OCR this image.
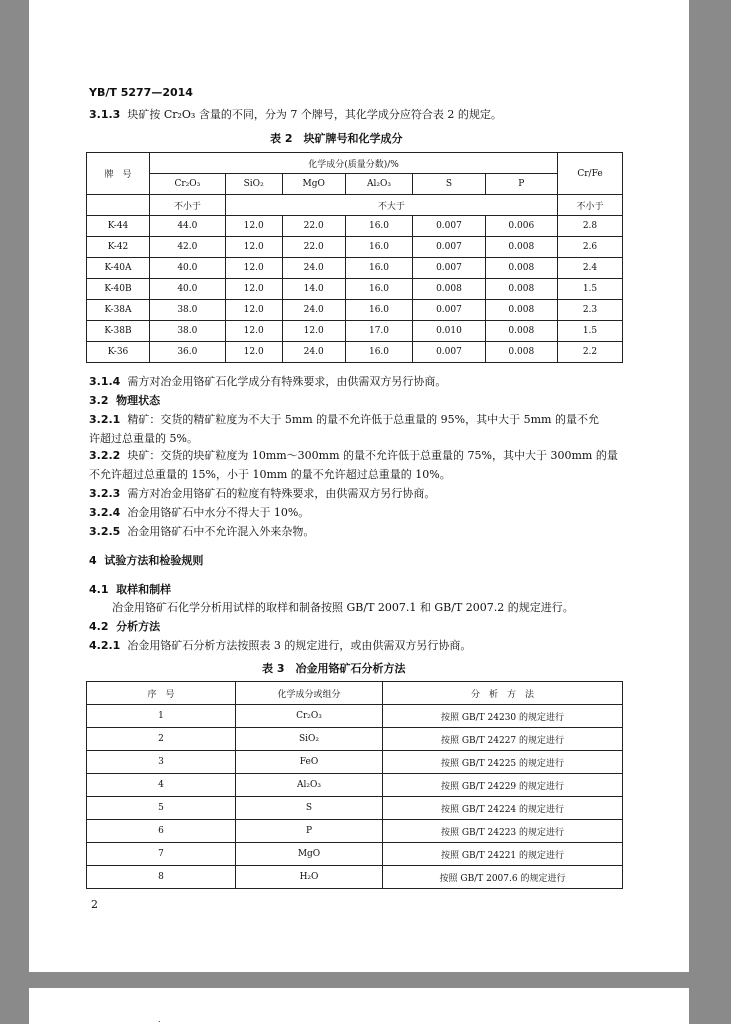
YB/T 5277—2014
3.1.3 块矿按 Cr₂O₃ 含量的不同，分为 7 个牌号，其化学成分应符合表 2 的规定。
表 2　块矿牌号和化学成分
牌　号	化学成分(质量分数)/%						Cr/Fe
	Cr₂O₃	SiO₂	MgO	Al₂O₃	S	P	
	不小于	不大于					不小于
K-44	44.0	12.0	22.0	16.0	0.007	0.006	2.8
K-42	42.0	12.0	22.0	16.0	0.007	0.008	2.6
K-40A	40.0	12.0	24.0	16.0	0.007	0.008	2.4
K-40B	40.0	12.0	14.0	16.0	0.008	0.008	1.5
K-38A	38.0	12.0	24.0	16.0	0.007	0.008	2.3
K-38B	38.0	12.0	12.0	17.0	0.010	0.008	1.5
K-36	36.0	12.0	24.0	16.0	0.007	0.008	2.2
3.1.4 需方对冶金用铬矿石化学成分有特殊要求，由供需双方另行协商。
3.2 物理状态
3.2.1 精矿：交货的精矿粒度为不大于 5mm 的量不允许低于总重量的 95%，其中大于 5mm 的量不允
许超过总重量的 5%。
3.2.2 块矿：交货的块矿粒度为 10mm～300mm 的量不允许低于总重量的 75%，其中大于 300mm 的量
不允许超过总重量的 15%，小于 10mm 的量不允许超过总重量的 10%。
3.2.3 需方对冶金用铬矿石的粒度有特殊要求，由供需双方另行协商。
3.2.4 冶金用铬矿石中水分不得大于 10%。
3.2.5 冶金用铬矿石中不允许混入外来杂物。
4 试验方法和检验规则
4.1 取样和制样
冶金用铬矿石化学分析用试样的取样和制备按照 GB/T 2007.1 和 GB/T 2007.2 的规定进行。
4.2 分析方法
4.2.1 冶金用铬矿石分析方法按照表 3 的规定进行，或由供需双方另行协商。
表 3　冶金用铬矿石分析方法
序　号	化学成分或组分	分　析　方　法
1	Cr₂O₃	按照 GB/T 24230 的规定进行
2	SiO₂	按照 GB/T 24227 的规定进行
3	FeO	按照 GB/T 24225 的规定进行
4	Al₂O₃	按照 GB/T 24229 的规定进行
5	S	按照 GB/T 24224 的规定进行
6	P	按照 GB/T 24223 的规定进行
7	MgO	按照 GB/T 24221 的规定进行
8	H₂O	按照 GB/T 2007.6 的规定进行
2
.
